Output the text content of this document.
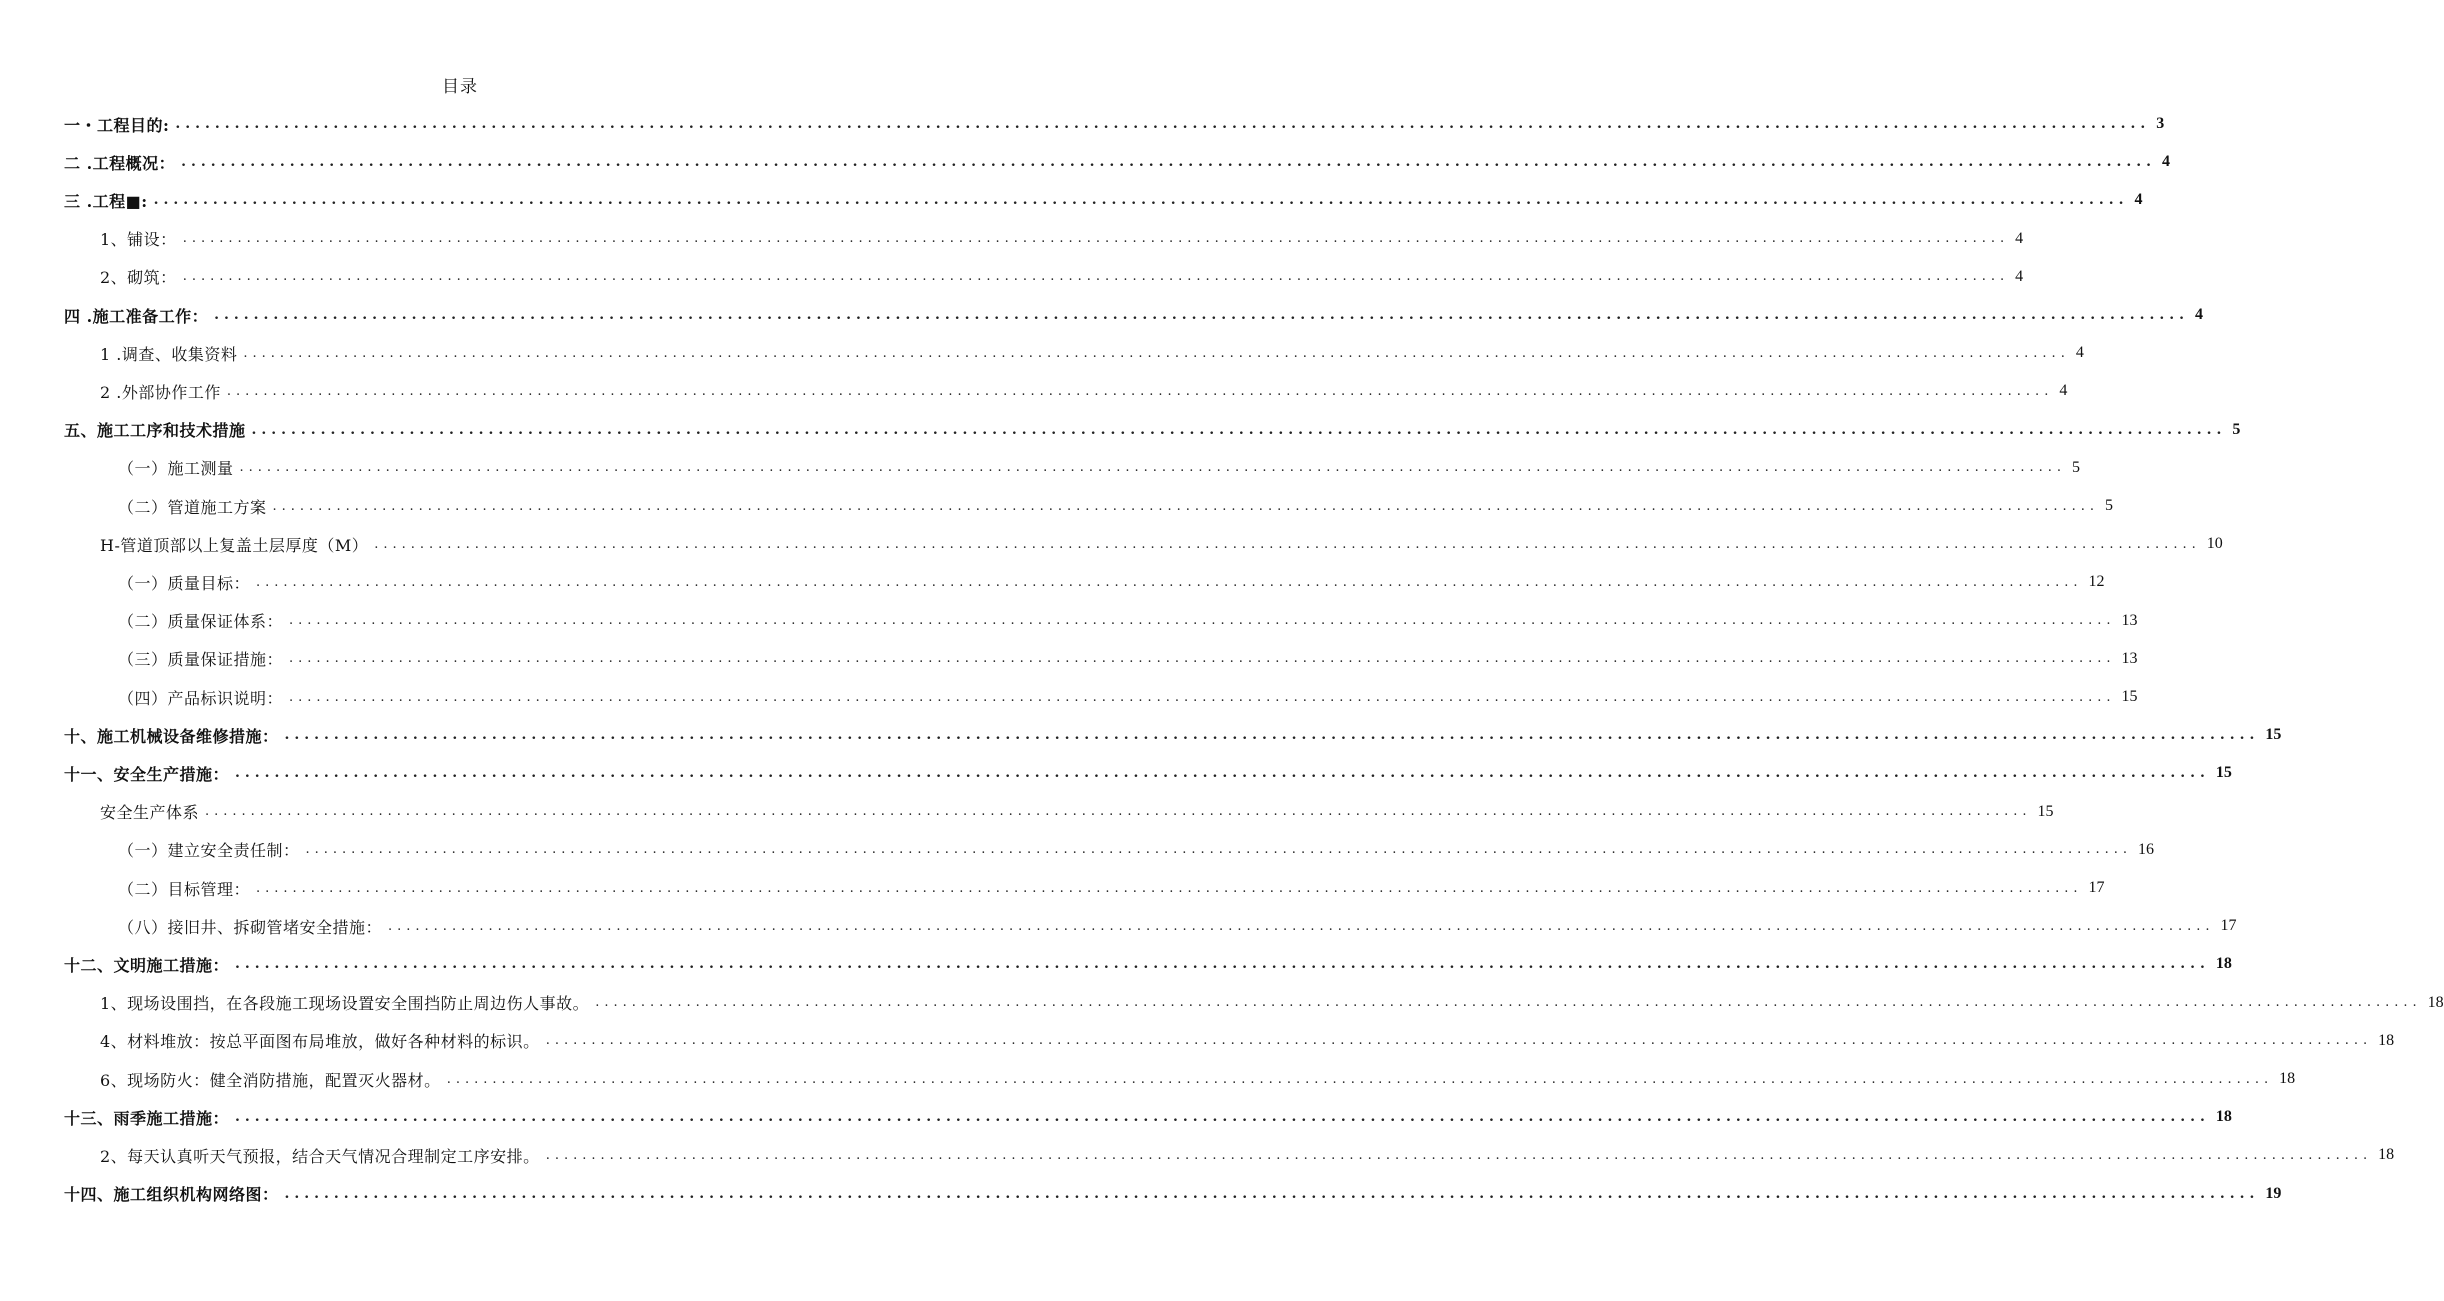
目录
一・工程目的: ........................................................................................................................................................................................................ 3
二 .工程概况： ........................................................................................................................................................................................................ 4
三 .工程■: ........................................................................................................................................................................................................ 4
1、铺设： ........................................................................................................................................................................................................ 4
2、砌筑： ........................................................................................................................................................................................................ 4
四 .施工准备工作： ........................................................................................................................................................................................................ 4
1 .调查、收集资料 ........................................................................................................................................................................................................ 4
2 .外部协作工作 ........................................................................................................................................................................................................ 4
五、施工工序和技术措施 ........................................................................................................................................................................................................ 5
（一）施工测量 ........................................................................................................................................................................................................ 5
（二）管道施工方案 ........................................................................................................................................................................................................ 5
H-管道顶部以上复盖土层厚度（M） ........................................................................................................................................................................................................ 10
（一）质量目标： ........................................................................................................................................................................................................ 12
（二）质量保证体系： ........................................................................................................................................................................................................ 13
（三）质量保证措施： ........................................................................................................................................................................................................ 13
（四）产品标识说明： ........................................................................................................................................................................................................ 15
十、施工机械设备维修措施： ........................................................................................................................................................................................................ 15
十一、安全生产措施： ........................................................................................................................................................................................................ 15
安全生产体系 ........................................................................................................................................................................................................ 15
（一）建立安全责任制： ........................................................................................................................................................................................................ 16
（二）目标管理： ........................................................................................................................................................................................................ 17
（八）接旧井、拆砌管堵安全措施： ........................................................................................................................................................................................................ 17
十二、文明施工措施： ........................................................................................................................................................................................................ 18
1、现场设围挡，在各段施工现场设置安全围挡防止周边伤人事故。 ........................................................................................................................................................................................................ 18
4、材料堆放：按总平面图布局堆放，做好各种材料的标识。 ........................................................................................................................................................................................................ 18
6、现场防火：健全消防措施，配置灭火器材。 ........................................................................................................................................................................................................ 18
十三、雨季施工措施： ........................................................................................................................................................................................................ 18
2、每天认真听天气预报，结合天气情况合理制定工序安排。 ........................................................................................................................................................................................................ 18
十四、施工组织机构网络图： ........................................................................................................................................................................................................ 19
